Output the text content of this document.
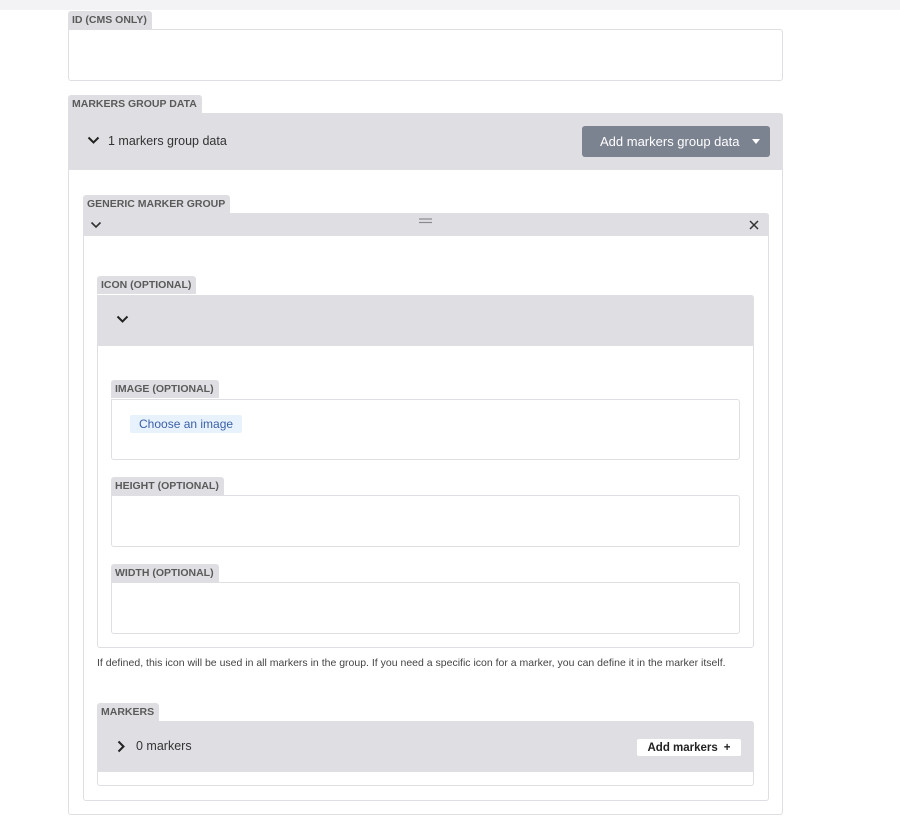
ID (CMS ONLY)
MARKERS GROUP DATA
1 markers group data	Add markers group data
GENERIC MARKER GROUP
ICON (OPTIONAL)
IMAGE (OPTIONAL)
Choose an image
HEIGHT (OPTIONAL)
WIDTH (OPTIONAL)
If defined, this icon will be used in all markers in the group. If you need a specific icon for a marker, you can define it in the marker itself.
MARKERS
0 markers	Add markers +
